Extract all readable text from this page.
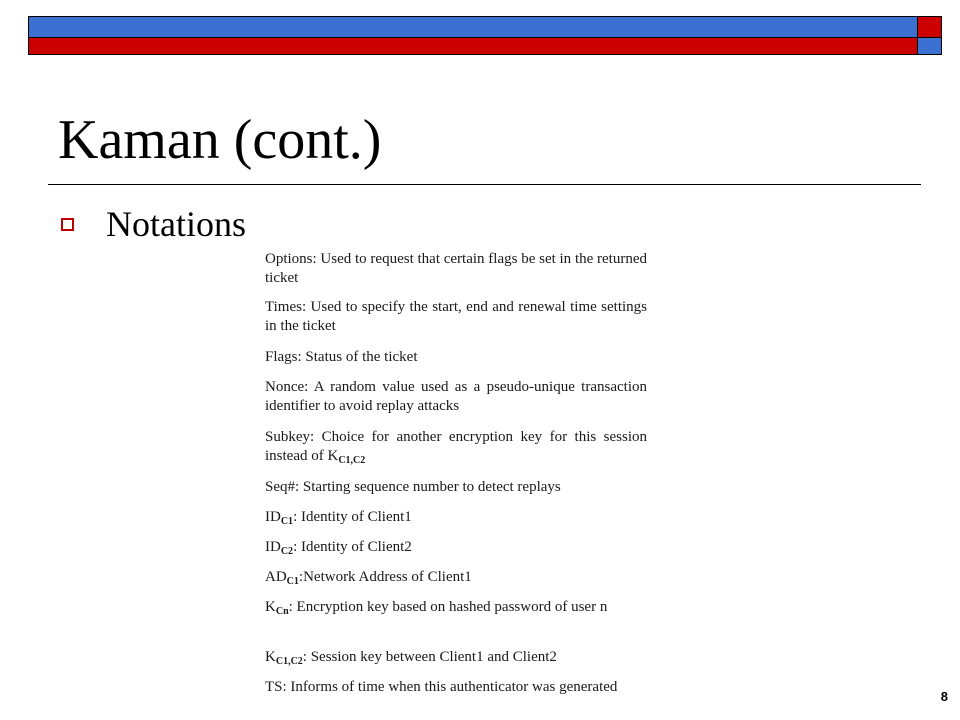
Kaman (cont.)
Notations
Options: Used to request that certain flags be set in the returned ticket
Times: Used to specify the start, end and renewal time settings in the ticket
Flags: Status of the ticket
Nonce: A random value used as a pseudo-unique transaction identifier to avoid replay attacks
Subkey: Choice for another encryption key for this session instead of $K_{C1,C2}$
Seq#: Starting sequence number to detect replays
$ID_{C1}$: Identity of Client1
$ID_{C2}$: Identity of Client2
$AD_{C1}:Network$ Address of Client1
$K_{Cn}$: Encryption key based on hashed password of user n
$K_{C1,C2}$: Session key between Client1 and Client2
TS: Informs of time when this authenticator was generated
8
